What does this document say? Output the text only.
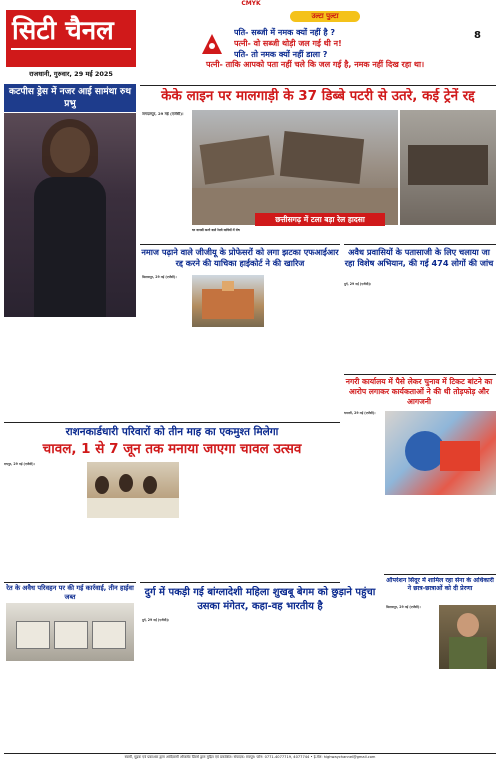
CMYK
सिटी चैनल
राजधानी, गुरुवार, 29 मई 2025
उल्टा पुल्टा
पति- सब्जी में नमक क्यों नहीं है ?
पत्नी- वो सब्जी थोड़ी जल गई थी न!
पति- तो नमक क्यों नहीं डाला ?
पत्नी- ताकि आपको पता नहीं चले कि जल गई है, नमक नहीं दिख रहा था।
8
कटपीस ड्रेस में नजर आई सामंथा रुथ प्रभु	केके लाइन पर मालगाड़ी के 37 डिब्बे पटरी से उतरे, कई ट्रेनें रद्द
जगदलपुर, 29 मई (एजेंसी)।
छत्तीसगढ़ में टला बड़ा रेल हादसा
घर वापसी करने वाले रेलवे यात्रियों में रोष
नमाज पढ़ाने वाले जीजीयू के प्रोफेसरों को लगा झटका एफआईआर रद्द करने की याचिका हाईकोर्ट ने की खारिज
बिलासपुर, 29 मई (एजेंसी)।
अवैध प्रवासियों के पतासाजी के लिए चलाया जा रहा विशेष अभियान, की गई 474 लोगों की जांच
दुर्ग, 29 मई (एजेंसी)।
नगरी कार्यालय में पैसे लेकर चुनाव में टिकट बांटने का आरोप लगाकर कार्यकताओं ने की थी तोड़फोड़ और आगजनी
धमतरी, 29 मई (एजेंसी)।
राशनकार्डधारी परिवारों को तीन माह का एकमुश्त मिलेगा
चावल, 1 से 7 जून तक मनाया जाएगा चावल उत्सव
रायपुर, 29 मई (एजेंसी)।
रेत के अवैध परिवहन पर की गई कार्रवाई, तीन हाईवा जब्त	दुर्ग में पकड़ी गई बांग्लादेशी महिला शुखबू बेगम को छुड़ाने पहुंचा उसका मंगेतर, कहा-वह भारतीय है
दुर्ग, 29 मई (एजेंसी)।
ऑपरेशन सिंदूर में शामिल रहा सेना के अधिकारी ने छात्र-छात्राओं को दी प्रेरणा
बिलासपुर, 29 मई (एजेंसी)।
स्वामी, मुद्रक एवं प्रकाशक द्वारा आदिवासी ऑफसेट प्रिंटर्स द्वारा मुद्रित एवं प्रकाशित। संपादक: रायपुर। फोन: 0771-4077719, 4077744 • ई-मेल: highwaychannel@gmail.com
